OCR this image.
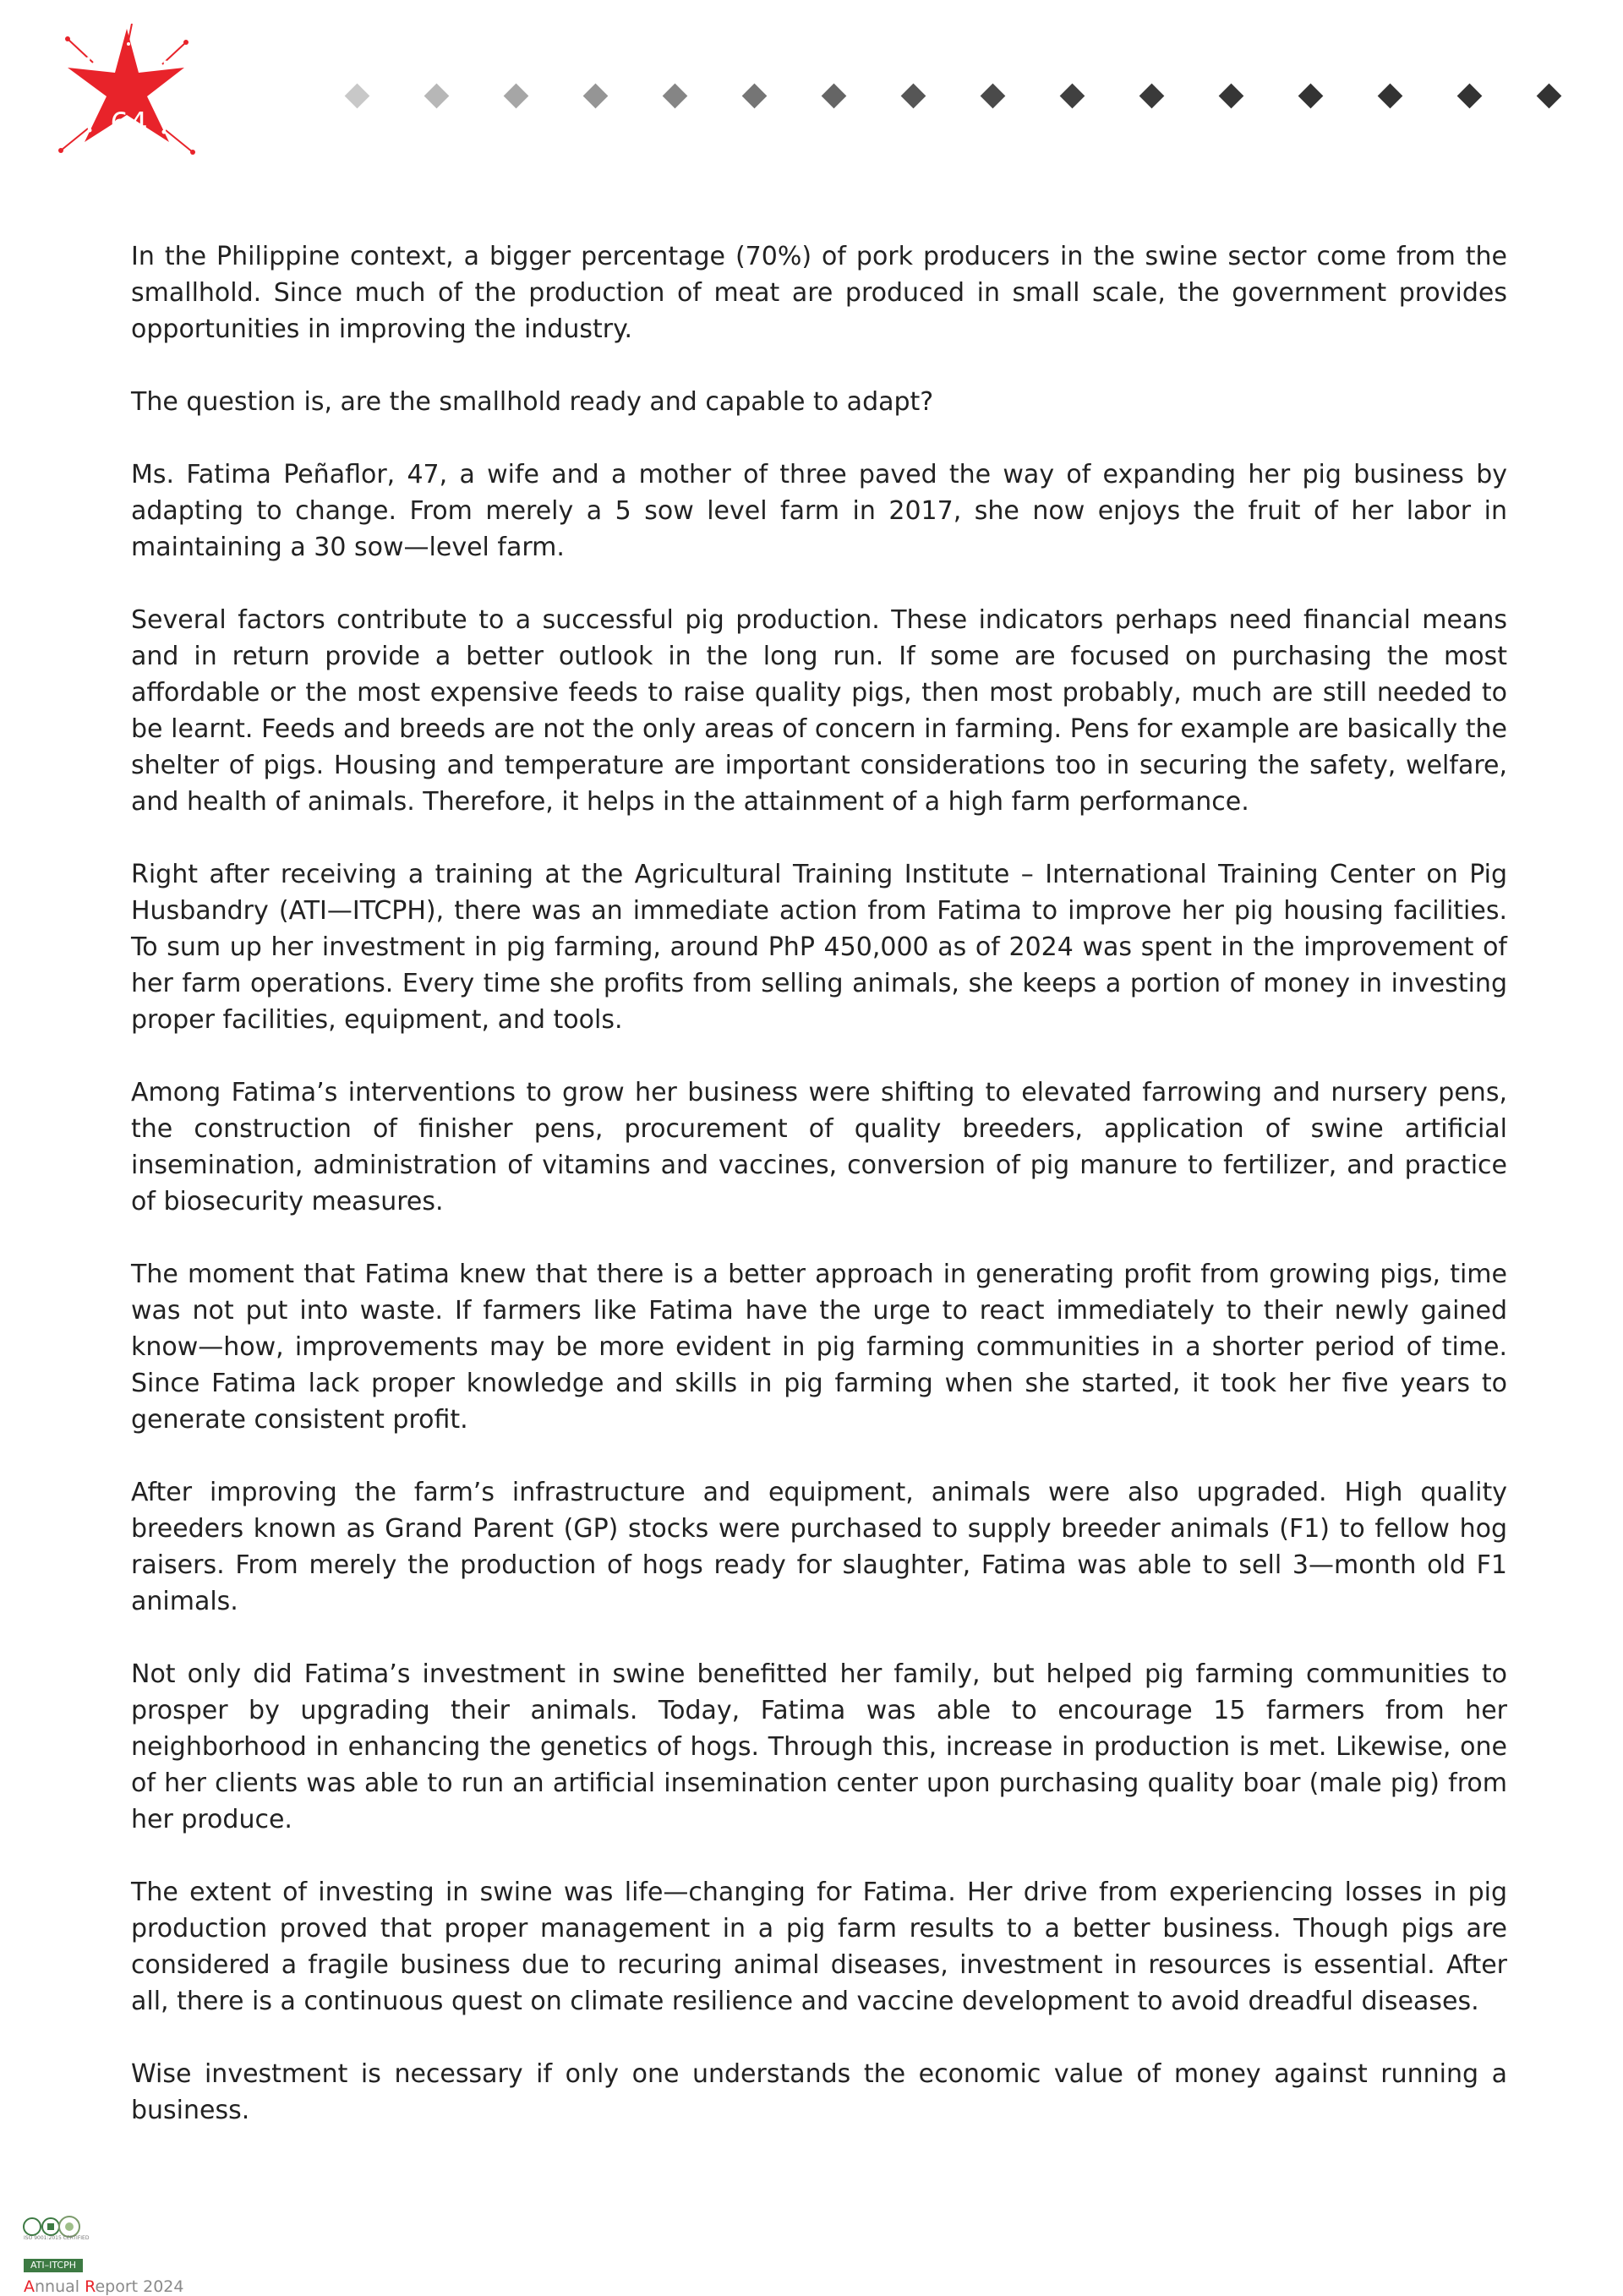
64

In the Philippine context, a bigger percentage (70%) of pork producers in the swine sector come from the smallhold. Since much of the production of meat are produced in small scale, the government provides opportunities in improving the industry.

The question is, are the smallhold ready and capable to adapt?

Ms. Fatima Peñaflor, 47, a wife and a mother of three paved the way of expanding her pig business by adapting to change. From merely a 5 sow level farm in 2017, she now enjoys the fruit of her labor in maintaining a 30 sow—level farm.

Several factors contribute to a successful pig production. These indicators perhaps need financial means and in return provide a better outlook in the long run. If some are focused on purchasing the most affordable or the most expensive feeds to raise quality pigs, then most probably, much are still needed to be learnt. Feeds and breeds are not the only areas of concern in farming. Pens for example are basically the shelter of pigs. Housing and temperature are important considerations too in securing the safety, welfare, and health of animals. Therefore, it helps in the attainment of a high farm performance.

Right after receiving a training at the Agricultural Training Institute – International Training Center on Pig Husbandry (ATI—ITCPH), there was an immediate action from Fatima to improve her pig housing facilities. To sum up her investment in pig farming, around PhP 450,000 as of 2024 was spent in the improvement of her farm operations. Every time she profits from selling animals, she keeps a portion of money in investing proper facilities, equipment, and tools.

Among Fatima’s interventions to grow her business were shifting to elevated farrowing and nursery pens, the construction of finisher pens, procurement of quality breeders, application of swine artificial insemination, administration of vitamins and vaccines, conversion of pig manure to fertilizer, and practice of biosecurity measures.

The moment that Fatima knew that there is a better approach in generating profit from growing pigs, time was not put into waste. If farmers like Fatima have the urge to react immediately to their newly gained know—how, improvements may be more evident in pig farming communities in a shorter period of time. Since Fatima lack proper knowledge and skills in pig farming when she started, it took her five years to generate consistent profit.

After improving the farm’s infrastructure and equipment, animals were also upgraded. High quality breeders known as Grand Parent (GP) stocks were purchased to supply breeder animals (F1) to fellow hog raisers. From merely the production of hogs ready for slaughter, Fatima was able to sell 3—month old F1 animals.

Not only did Fatima’s investment in swine benefitted her family, but helped pig farming communities to prosper by upgrading their animals. Today, Fatima was able to encourage 15 farmers from her neighborhood in enhancing the genetics of hogs. Through this, increase in production is met. Likewise, one of her clients was able to run an artificial insemination center upon purchasing quality boar (male pig) from her produce.

The extent of investing in swine was life—changing for Fatima. Her drive from experiencing losses in pig production proved that proper management in a pig farm results to a better business. Though pigs are considered a fragile business due to recuring animal diseases, investment in resources is essential. After all, there is a continuous quest on climate resilience and vaccine development to avoid dreadful diseases.

Wise investment is necessary if only one understands the economic value of money against running a business.

ISO 9001:2015 CERTIFIED
ATI–ITCPH
Annual Report 2024
